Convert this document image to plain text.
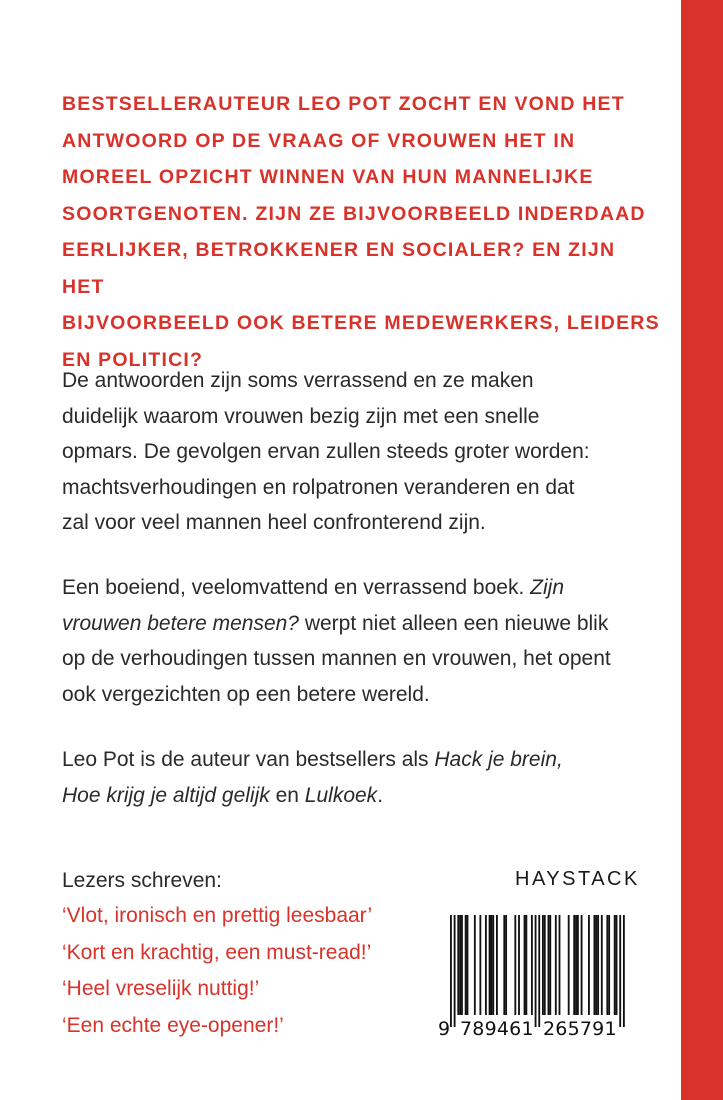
BESTSELLERAUTEUR LEO POT ZOCHT EN VOND HET
ANTWOORD OP DE VRAAG OF VROUWEN HET IN
MOREEL OPZICHT WINNEN VAN HUN MANNELIJKE
SOORTGENOTEN. ZIJN ZE BIJVOORBEELD INDERDAAD
EERLIJKER, BETROKKENER EN SOCIALER? EN ZIJN HET
BIJVOORBEELD OOK BETERE MEDEWERKERS, LEIDERS
EN POLITICI?

De antwoorden zijn soms verrassend en ze maken
duidelijk waarom vrouwen bezig zijn met een snelle
opmars. De gevolgen ervan zullen steeds groter worden:
machtsverhoudingen en rolpatronen veranderen en dat
zal voor veel mannen heel confronterend zijn.

Een boeiend, veelomvattend en verrassend boek. Zijn
vrouwen betere mensen? werpt niet alleen een nieuwe blik
op de verhoudingen tussen mannen en vrouwen, het opent
ook vergezichten op een betere wereld.

Leo Pot is de auteur van bestsellers als Hack je brein,
Hoe krijg je altijd gelijk en Lulkoek.

Lezers schreven:
‘Vlot, ironisch en prettig leesbaar’
‘Kort en krachtig, een must-read!’
‘Heel vreselijk nuttig!’
‘Een echte eye-opener!’
HAYSTACK
9 789461 265791
